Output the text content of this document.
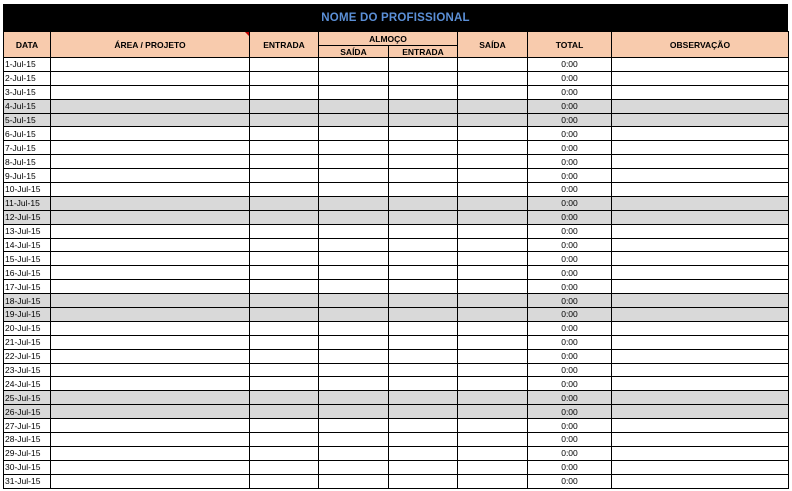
NOME DO PROFISSIONAL
DATA	ÁREA / PROJETO	ENTRADA	ALMOÇO		SAÍDA	TOTAL	OBSERVAÇÃO
			SAÍDA	ENTRADA			
1-Jul-15						0:00	
2-Jul-15						0:00	
3-Jul-15						0:00	
4-Jul-15						0:00	
5-Jul-15						0:00	
6-Jul-15						0:00	
7-Jul-15						0:00	
8-Jul-15						0:00	
9-Jul-15						0:00	
10-Jul-15						0:00	
11-Jul-15						0:00	
12-Jul-15						0:00	
13-Jul-15						0:00	
14-Jul-15						0:00	
15-Jul-15						0:00	
16-Jul-15						0:00	
17-Jul-15						0:00	
18-Jul-15						0:00	
19-Jul-15						0:00	
20-Jul-15						0:00	
21-Jul-15						0:00	
22-Jul-15						0:00	
23-Jul-15						0:00	
24-Jul-15						0:00	
25-Jul-15						0:00	
26-Jul-15						0:00	
27-Jul-15						0:00	
28-Jul-15						0:00	
29-Jul-15						0:00	
30-Jul-15						0:00	
31-Jul-15						0:00	
